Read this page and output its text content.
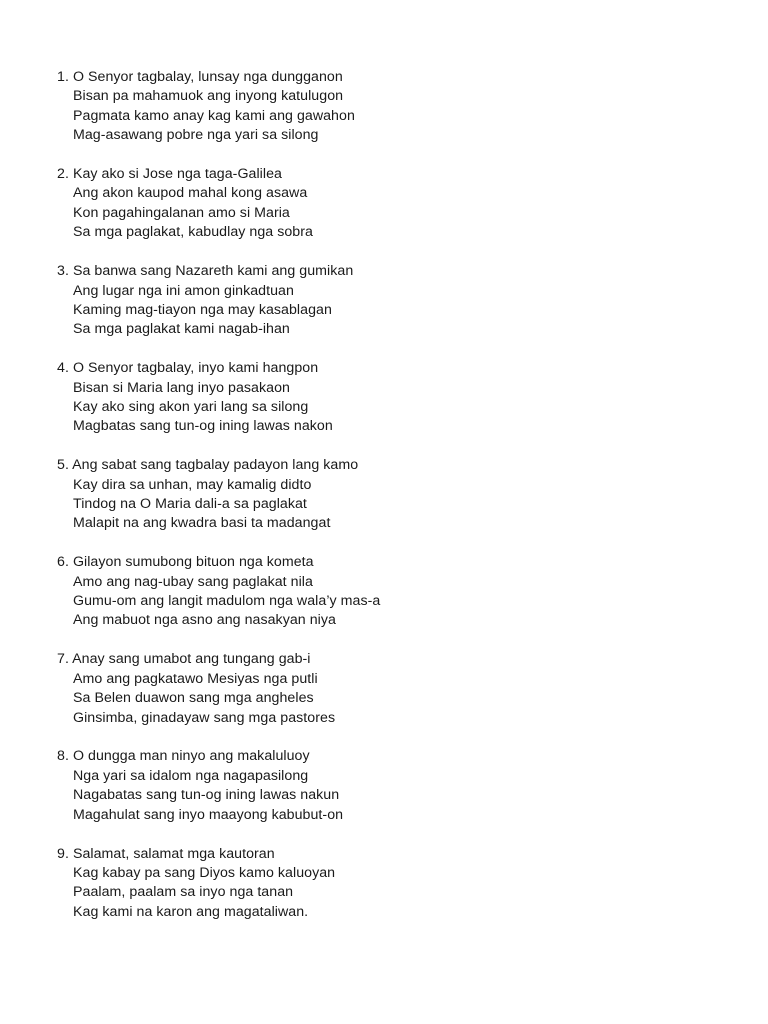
1. O Senyor tagbalay, lunsay nga dungganon
Bisan pa mahamuok ang inyong katulugon
Pagmata kamo anay kag kami ang gawahon
Mag-asawang pobre nga yari sa silong
2. Kay ako si Jose nga taga-Galilea
Ang akon kaupod mahal kong asawa
Kon pagahingalanan amo si Maria
Sa mga paglakat, kabudlay nga sobra
3. Sa banwa sang Nazareth kami ang gumikan
Ang lugar nga ini amon ginkadtuan
Kaming mag-tiayon nga may kasablagan
Sa mga paglakat kami nagab-ihan
4. O Senyor tagbalay, inyo kami hangpon
Bisan si Maria lang inyo pasakaon
Kay ako sing akon yari lang sa silong
Magbatas sang tun-og ining lawas nakon
5. Ang sabat sang tagbalay padayon lang kamo
Kay dira sa unhan, may kamalig didto
Tindog na O Maria dali-a sa paglakat
Malapit na ang kwadra basi ta madangat
6. Gilayon sumubong bituon nga kometa
Amo ang nag-ubay sang paglakat nila
Gumu-om ang langit madulom nga wala’y mas-a
Ang mabuot nga asno ang nasakyan niya
7. Anay sang umabot ang tungang gab-i
Amo ang pagkatawo Mesiyas nga putli
Sa Belen duawon sang mga angheles
Ginsimba, ginadayaw sang mga pastores
8. O dungga man ninyo ang makaluluoy
Nga yari sa idalom nga nagapasilong
Nagabatas sang tun-og ining lawas nakun
Magahulat sang inyo maayong kabubut-on
9. Salamat, salamat mga kautoran
Kag kabay pa sang Diyos kamo kaluoyan
Paalam, paalam sa inyo nga tanan
Kag kami na karon ang magataliwan.
